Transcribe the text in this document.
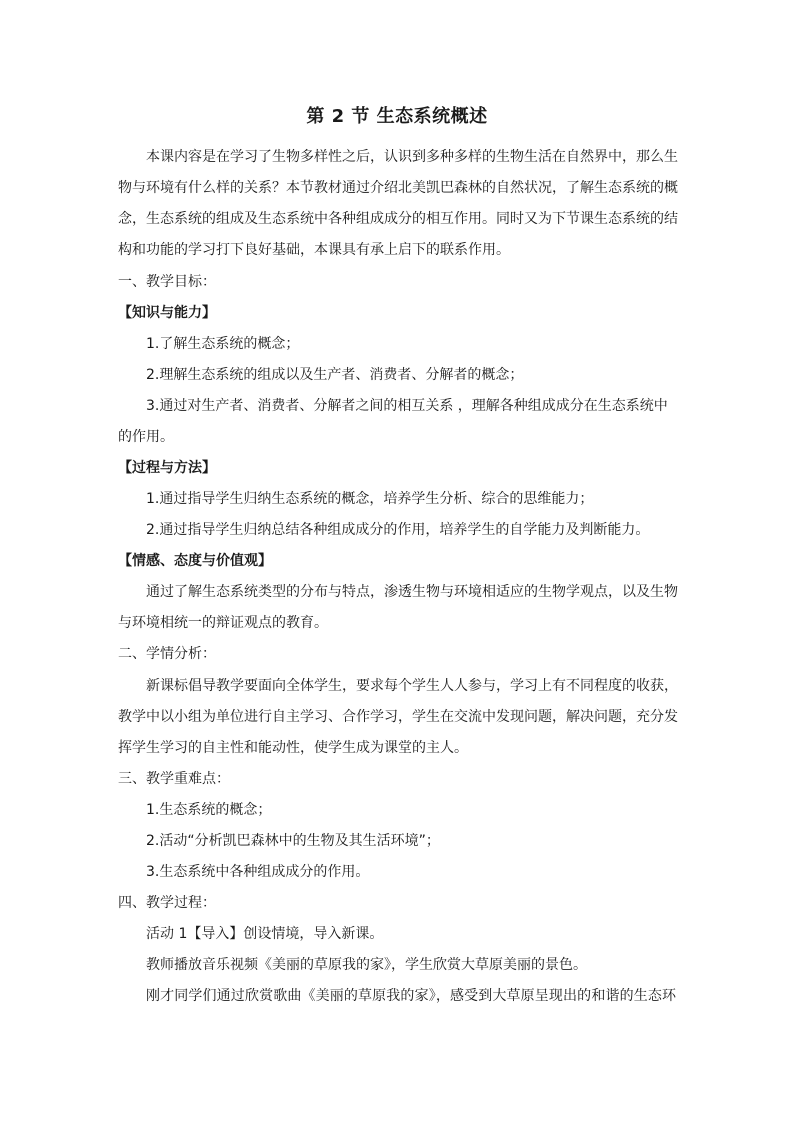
第 2 节 生态系统概述
本课内容是在学习了生物多样性之后，认识到多种多样的生物生活在自然界中，那么生
物与环境有什么样的关系？本节教材通过介绍北美凯巴森林的自然状况，了解生态系统的概
念，生态系统的组成及生态系统中各种组成成分的相互作用。同时又为下节课生态系统的结
构和功能的学习打下良好基础，本课具有承上启下的联系作用。
一、教学目标：
【知识与能力】
1.了解生态系统的概念；
2.理解生态系统的组成以及生产者、消费者、分解者的概念；
3.通过对生产者、消费者、分解者之间的相互关系 ，理解各种组成成分在生态系统中
的作用。
【过程与方法】
1.通过指导学生归纳生态系统的概念，培养学生分析、综合的思维能力；
2.通过指导学生归纳总结各种组成成分的作用，培养学生的自学能力及判断能力。
【情感、态度与价值观】
通过了解生态系统类型的分布与特点，渗透生物与环境相适应的生物学观点，以及生物
与环境相统一的辩证观点的教育。
二、学情分析：
新课标倡导教学要面向全体学生，要求每个学生人人参与，学习上有不同程度的收获，
教学中以小组为单位进行自主学习、合作学习，学生在交流中发现问题，解决问题，充分发
挥学生学习的自主性和能动性，使学生成为课堂的主人。
三、教学重难点：
1.生态系统的概念；
2.活动“分析凯巴森林中的生物及其生活环境”；
3.生态系统中各种组成成分的作用。
四、教学过程：
活动 1【导入】创设情境，导入新课。
教师播放音乐视频《美丽的草原我的家》，学生欣赏大草原美丽的景色。
刚才同学们通过欣赏歌曲《美丽的草原我的家》，感受到大草原呈现出的和谐的生态环
